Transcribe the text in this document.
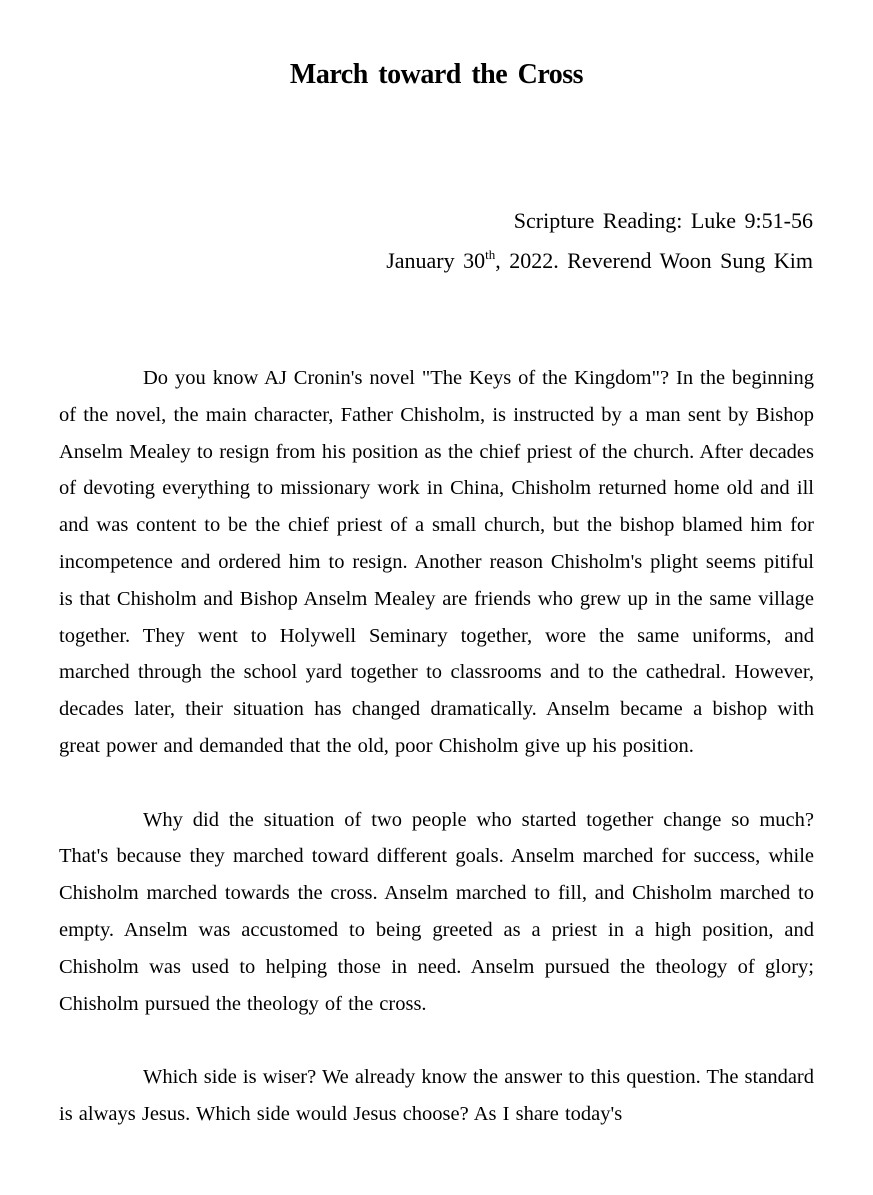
March toward the Cross
Scripture Reading: Luke 9:51-56
January 30th, 2022. Reverend Woon Sung Kim

Do you know AJ Cronin's novel "The Keys of the Kingdom"? In the beginning of the novel, the main character, Father Chisholm, is instructed by a man sent by Bishop Anselm Mealey to resign from his position as the chief priest of the church. After decades of devoting everything to missionary work in China, Chisholm returned home old and ill and was content to be the chief priest of a small church, but the bishop blamed him for incompetence and ordered him to resign. Another reason Chisholm's plight seems pitiful is that Chisholm and Bishop Anselm Mealey are friends who grew up in the same village together. They went to Holywell Seminary together, wore the same uniforms, and marched through the school yard together to classrooms and to the cathedral. However, decades later, their situation has changed dramatically. Anselm became a bishop with great power and demanded that the old, poor Chisholm give up his position.

Why did the situation of two people who started together change so much? That's because they marched toward different goals. Anselm marched for success, while Chisholm marched towards the cross. Anselm marched to fill, and Chisholm marched to empty. Anselm was accustomed to being greeted as a priest in a high position, and Chisholm was used to helping those in need. Anselm pursued the theology of glory; Chisholm pursued the theology of the cross.

Which side is wiser? We already know the answer to this question. The standard is always Jesus. Which side would Jesus choose? As I share today's
